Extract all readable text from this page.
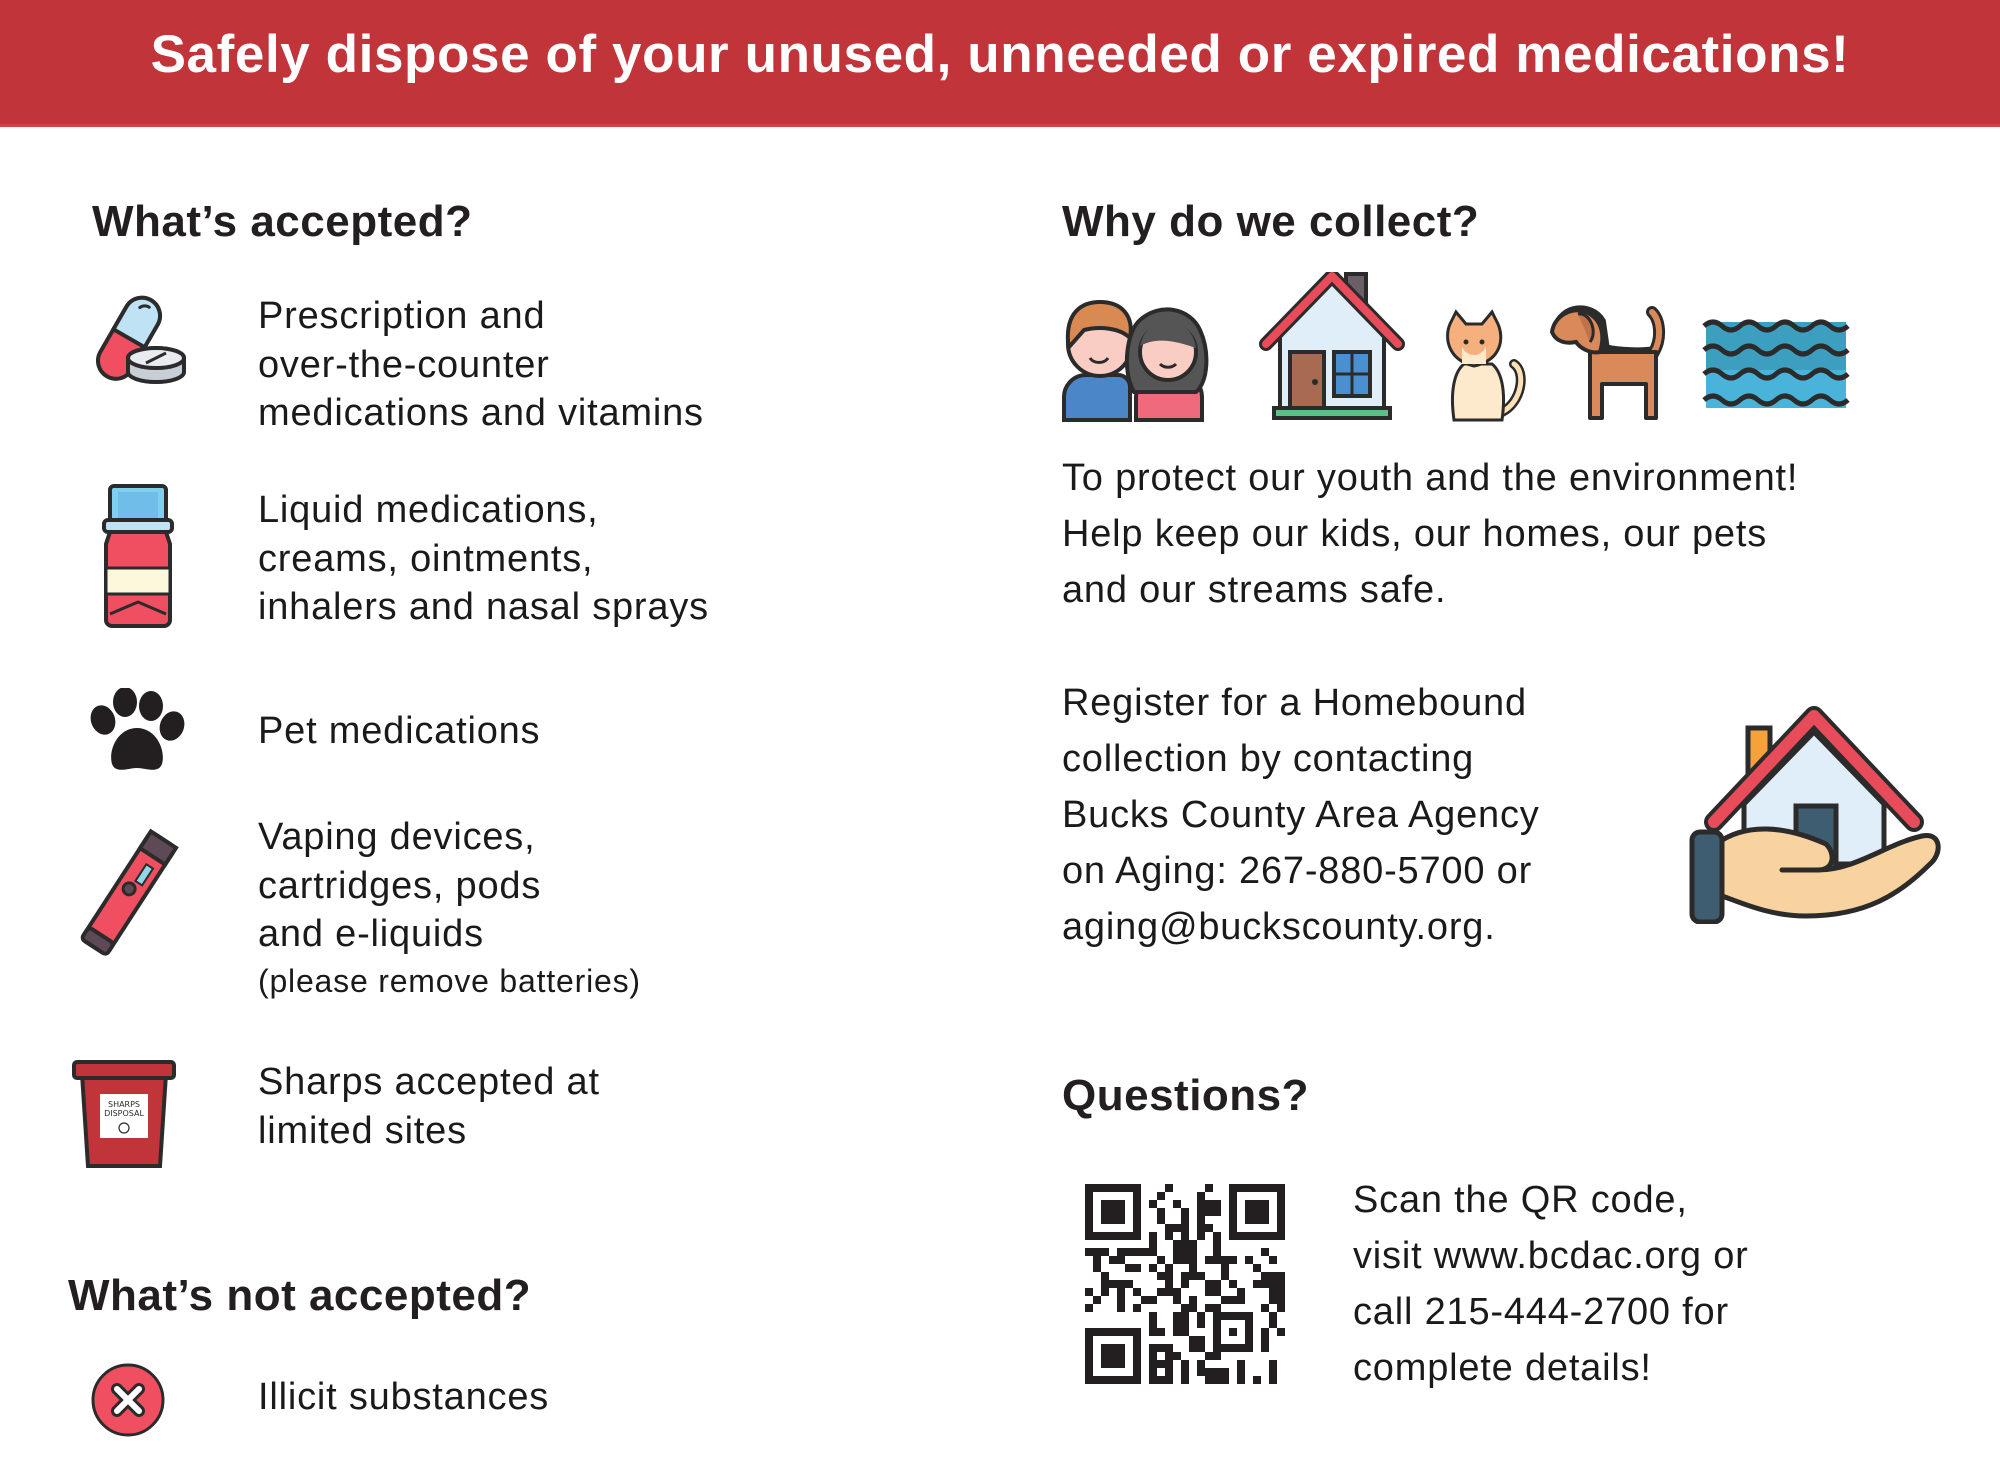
Safely dispose of your unused, unneeded or expired medications!
What’s accepted?
Prescription and
over-the-counter
medications and vitamins
Liquid medications,
creams, ointments,
inhalers and nasal sprays
Pet medications
Vaping devices,
cartridges, pods
and e-liquids
(please remove batteries)
SHARPS
DISPOSAL
Sharps accepted at
limited sites
What’s not accepted?
Illicit substances
Why do we collect?
To protect our youth and the environment!
Help keep our kids, our homes, our pets
and our streams safe.
Register for a Homebound
collection by contacting
Bucks County Area Agency
on Aging: 267-880-5700 or
aging@buckscounty.org.
Questions?
Scan the QR code,
visit www.bcdac.org or
call 215-444-2700 for
complete details!
